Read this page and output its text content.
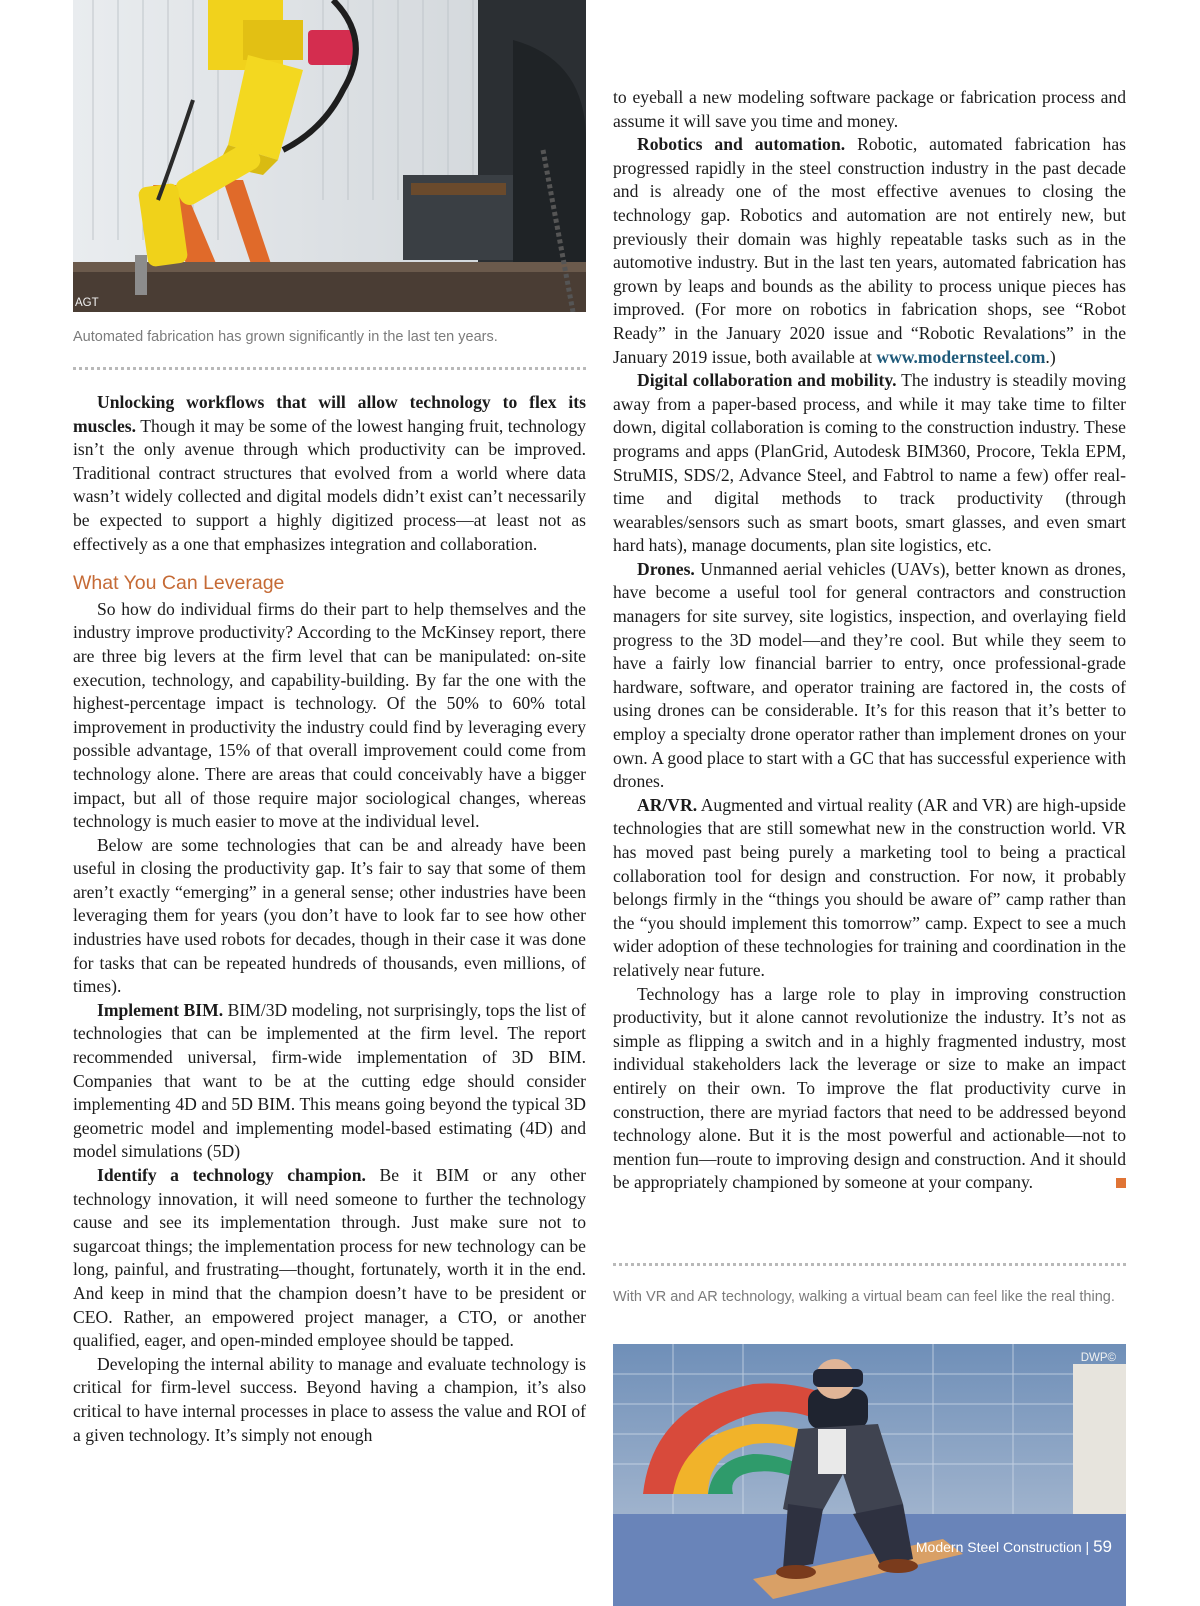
AGT
Automated fabrication has grown significantly in the last ten years.

Unlocking workflows that will allow technology to flex its muscles. Though it may be some of the lowest hanging fruit, technology isn’t the only avenue through which productivity can be improved. Traditional contract structures that evolved from a world where data wasn’t widely collected and digital models didn’t exist can’t necessarily be expected to support a highly digitized process—at least not as effectively as a one that emphasizes integration and collaboration.

What You Can Leverage

So how do individual firms do their part to help themselves and the industry improve productivity? According to the McKinsey report, there are three big levers at the firm level that can be manipulated: on-site execution, technology, and capability-building. By far the one with the highest-percentage impact is technology. Of the 50% to 60% total improvement in productivity the industry could find by leveraging every possible advantage, 15% of that overall improvement could come from technology alone. There are areas that could conceivably have a bigger impact, but all of those require major sociological changes, whereas technology is much easier to move at the individual level.

Below are some technologies that can be and already have been useful in closing the productivity gap. It’s fair to say that some of them aren’t exactly “emerging” in a general sense; other industries have been leveraging them for years (you don’t have to look far to see how other industries have used robots for decades, though in their case it was done for tasks that can be repeated hundreds of thousands, even millions, of times).

Implement BIM. BIM/3D modeling, not surprisingly, tops the list of technologies that can be implemented at the firm level. The report recommended universal, firm-wide implementation of 3D BIM. Companies that want to be at the cutting edge should consider implementing 4D and 5D BIM. This means going beyond the typical 3D geometric model and implementing model-based estimating (4D) and model simulations (5D)

Identify a technology champion. Be it BIM or any other technology innovation, it will need someone to further the technology cause and see its implementation through. Just make sure not to sugarcoat things; the implementation process for new technology can be long, painful, and frustrating—thought, fortunately, worth it in the end. And keep in mind that the champion doesn’t have to be president or CEO. Rather, an empowered project manager, a CTO, or another qualified, eager, and open-minded employee should be tapped.

Developing the internal ability to manage and evaluate technology is critical for firm-level success. Beyond having a champion, it’s also critical to have internal processes in place to assess the value and ROI of a given technology. It’s simply not enough

to eyeball a new modeling software package or fabrication process and assume it will save you time and money.

Robotics and automation. Robotic, automated fabrication has progressed rapidly in the steel construction industry in the past decade and is already one of the most effective avenues to closing the technology gap. Robotics and automation are not entirely new, but previously their domain was highly repeatable tasks such as in the automotive industry. But in the last ten years, automated fabrication has grown by leaps and bounds as the ability to process unique pieces has improved. (For more on robotics in fabrication shops, see “Robot Ready” in the January 2020 issue and “Robotic Revalations” in the January 2019 issue, both available at www.modernsteel.com.)

Digital collaboration and mobility. The industry is steadily moving away from a paper-based process, and while it may take time to filter down, digital collaboration is coming to the construction industry. These programs and apps (PlanGrid, Autodesk BIM360, Procore, Tekla EPM, StruMIS, SDS/2, Advance Steel, and Fabtrol to name a few) offer real-time and digital methods to track productivity (through wearables/sensors such as smart boots, smart glasses, and even smart hard hats), manage documents, plan site logistics, etc.

Drones. Unmanned aerial vehicles (UAVs), better known as drones, have become a useful tool for general contractors and construction managers for site survey, site logistics, inspection, and overlaying field progress to the 3D model—and they’re cool. But while they seem to have a fairly low financial barrier to entry, once professional-grade hardware, software, and operator training are factored in, the costs of using drones can be considerable. It’s for this reason that it’s better to employ a specialty drone operator rather than implement drones on your own. A good place to start with a GC that has successful experience with drones.

AR/VR. Augmented and virtual reality (AR and VR) are high-upside technologies that are still somewhat new in the construction world. VR has moved past being purely a marketing tool to being a practical collaboration tool for design and construction. For now, it probably belongs firmly in the “things you should be aware of” camp rather than the “you should implement this tomorrow” camp. Expect to see a much wider adoption of these technologies for training and coordination in the relatively near future.

Technology has a large role to play in improving construction productivity, but it alone cannot revolutionize the industry. It’s not as simple as flipping a switch and in a highly fragmented industry, most individual stakeholders lack the leverage or size to make an impact entirely on their own. To improve the flat productivity curve in construction, there are myriad factors that need to be addressed beyond technology alone. But it is the most powerful and actionable—not to mention fun—route to improving design and construction. And it should be appropriately championed by someone at your company.

With VR and AR technology, walking a virtual beam can feel like the real thing.
DWP©
Modern Steel Construction | 59
